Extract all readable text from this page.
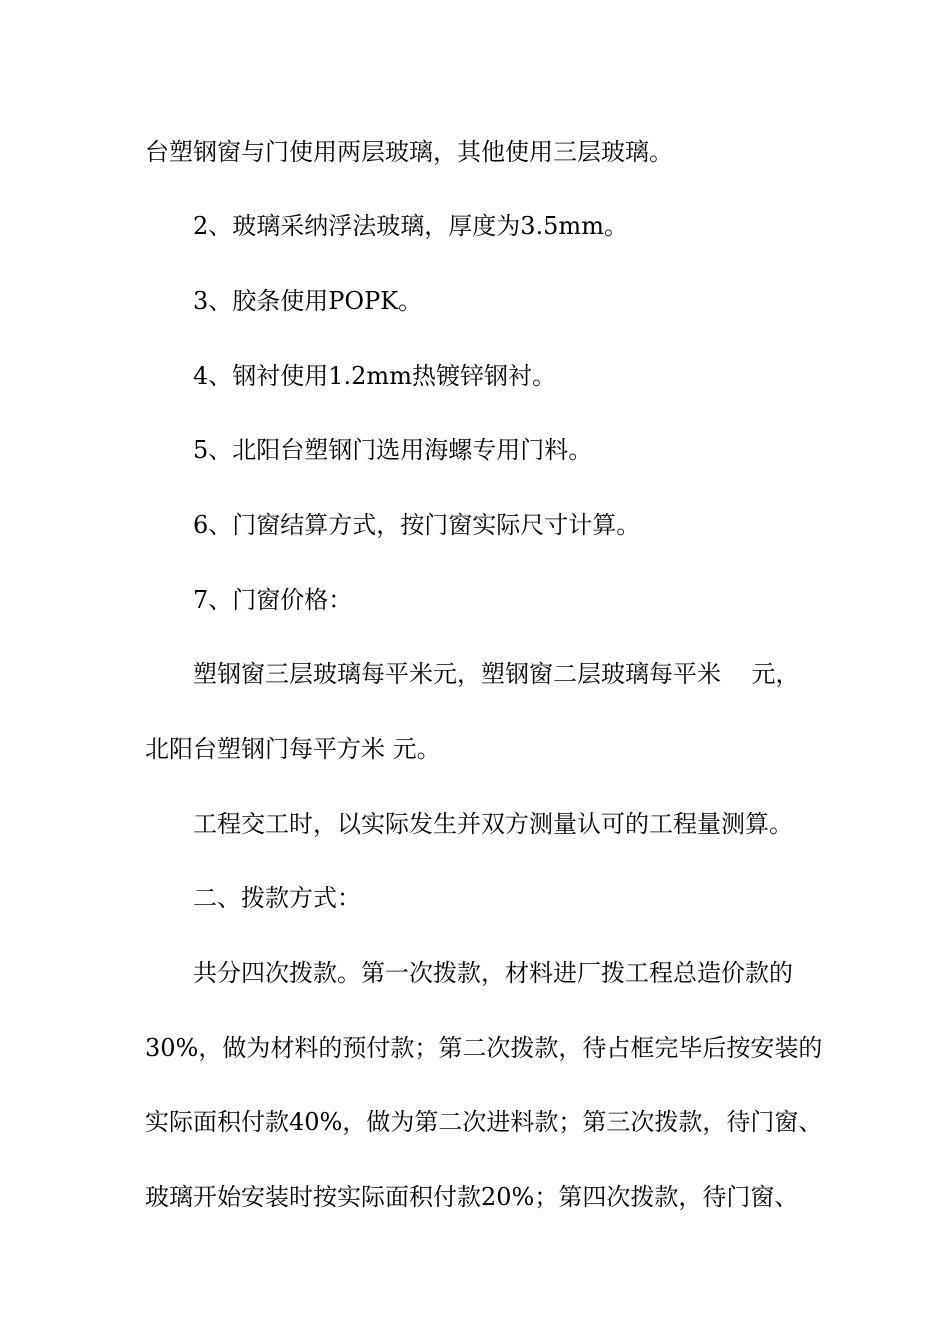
台塑钢窗与门使用两层玻璃，其他使用三层玻璃。
2、玻璃采纳浮法玻璃，厚度为3.5mm。
3、胶条使用POPK。
4、钢衬使用1.2mm热镀锌钢衬。
5、北阳台塑钢门选用海螺专用门料。
6、门窗结算方式，按门窗实际尺寸计算。
7、门窗价格：
塑钢窗三层玻璃每平米元，塑钢窗二层玻璃每平米    元，
北阳台塑钢门每平方米 元。
工程交工时，以实际发生并双方测量认可的工程量测算。
二、拨款方式：
共分四次拨款。第一次拨款，材料进厂拨工程总造价款的
30%，做为材料的预付款；第二次拨款，待占框完毕后按安装的
实际面积付款40%，做为第二次进料款；第三次拨款，待门窗、
玻璃开始安装时按实际面积付款20%；第四次拨款，待门窗、
